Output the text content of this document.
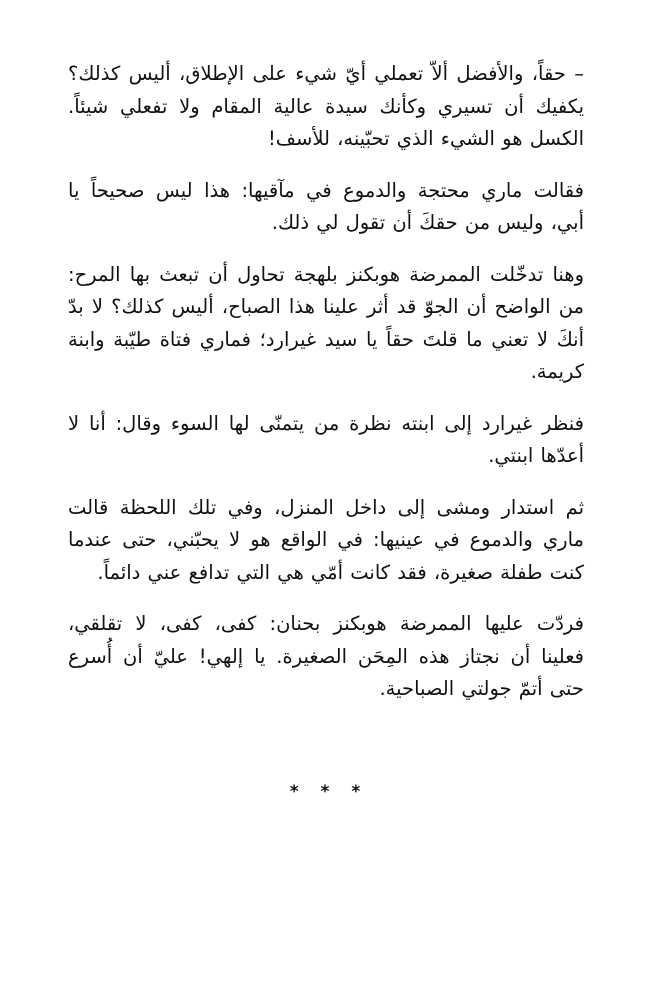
– حقاً، والأفضل ألاّ تعملي أيّ شيء على الإطلاق، أليس كذلك؟ يكفيك أن تسيري وكأنك سيدة عالية المقام ولا تفعلي شيئاً. الكسل هو الشيء الذي تحبّينه، للأسف!

فقالت ماري محتجة والدموع في مآقيها: هذا ليس صحيحاً يا أبي، وليس من حقكَ أن تقول لي ذلك.

وهنا تدخّلت الممرضة هوبكنز بلهجة تحاول أن تبعث بها المرح: من الواضح أن الجوّ قد أثر علينا هذا الصباح، أليس كذلك؟ لا بدّ أنكَ لا تعني ما قلتَ حقاً يا سيد غيرارد؛ فماري فتاة طيّبة وابنة كريمة.

فنظر غيرارد إلى ابنته نظرة من يتمنّى لها السوء وقال: أنا لا أعدّها ابنتي.

ثم استدار ومشى إلى داخل المنزل، وفي تلك اللحظة قالت ماري والدموع في عينيها: في الواقع هو لا يحبّني، حتى عندما كنت طفلة صغيرة، فقد كانت أمّي هي التي تدافع عني دائماً.

فردّت عليها الممرضة هوبكنز بحنان: كفى، كفى، لا تقلقي، فعلينا أن نجتاز هذه المِحَن الصغيرة. يا إلهي! عليّ أن أُسرع حتى أتمّ جولتي الصباحية.

* * *
